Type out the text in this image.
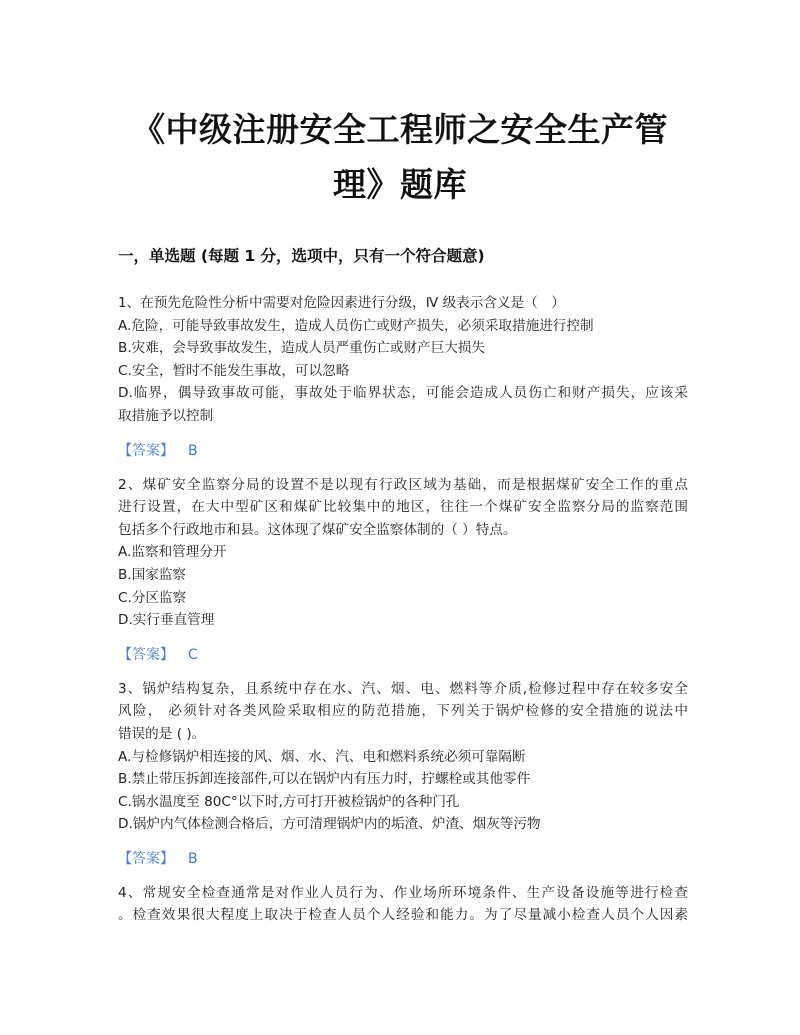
《中级注册安全工程师之安全生产管
理》题库
一，单选题 (每题 1 分，选项中，只有一个符合题意)
1、在预先危险性分析中需要对危险因素进行分级，Ⅳ 级表示含义是（　）
A.危险，可能导致事故发生，造成人员伤亡或财产损失，必须采取措施进行控制
B.灾难，会导致事故发生，造成人员严重伤亡或财产巨大损失
C.安全，暂时不能发生事故，可以忽略
D.临界，偶导致事故可能，事故处于临界状态，可能会造成人员伤亡和财产损失，应该采
取措施予以控制
【答案】 B
2、煤矿安全监察分局的设置不是以现有行政区域为基础，而是根据煤矿安全工作的重点
进行设置，在大中型矿区和煤矿比较集中的地区，往往一个煤矿安全监察分局的监察范围
包括多个行政地市和县。这体现了煤矿安全监察体制的（ ）特点。
A.监察和管理分开
B.国家监察
C.分区监察
D.实行垂直管理
【答案】 C
3、锅炉结构复杂，且系统中存在水、汽、烟、电、燃料等介质,检修过程中存在较多安全
风险， 必须针对各类风险采取相应的防范措施，下列关于锅炉检修的安全措施的说法中
错误的是 ( )。
A.与检修锅炉相连接的风、烟、水、汽、电和燃料系统必须可靠隔断
B.禁止带压拆卸连接部件,可以在锅炉内有压力时，拧螺栓或其他零件
C.锅水温度至 80C°以下时,方可打开被检锅炉的各种门孔
D.锅炉内气体检测合格后，方可清理锅炉内的垢渣、炉渣、烟灰等污物
【答案】 B
4、常规安全检查通常是对作业人员行为、作业场所环境条件、生产设备设施等进行检查
。检查效果很大程度上取决于检查人员个人经验和能力。为了尽量减小检查人员个人因素
